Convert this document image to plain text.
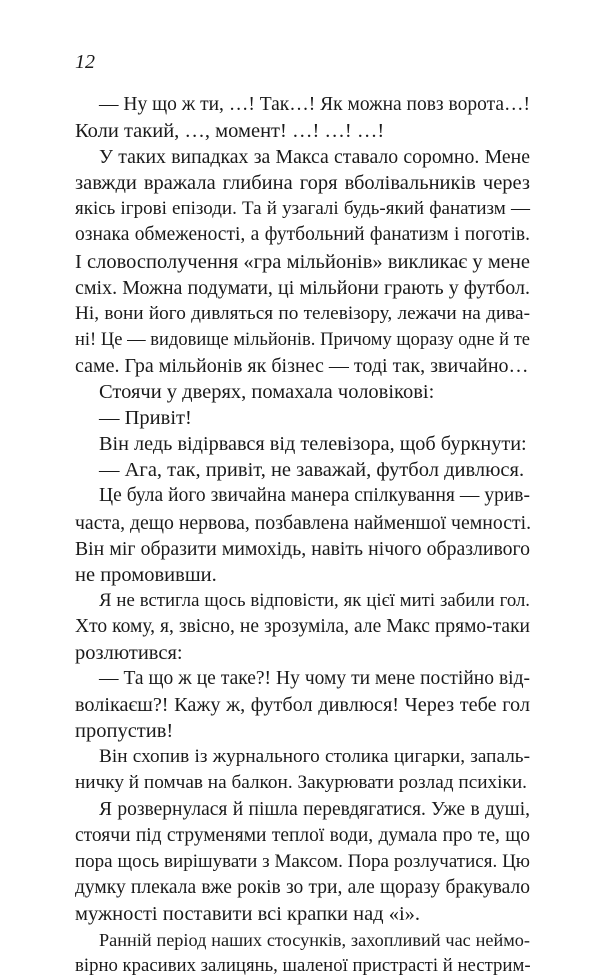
12

— Ну що ж ти, …! Так…! Як можна повз ворота…!
Коли такий, …, момент! …! …! …!
У таких випадках за Макса ставало соромно. Мене
завжди вражала глибина горя вболівальників через
якісь ігрові епізоди. Та й узагалі будь-який фанатизм —
ознака обмеженості, а футбольний фанатизм і поготів.
І словосполучення «гра мільйонів» викликає у мене
сміх. Можна подумати, ці мільйони грають у футбол.
Ні, вони його дивляться по телевізору, лежачи на дива-
ні! Це — видовище мільйонів. Причому щоразу одне й те
саме. Гра мільйонів як бізнес — тоді так, звичайно…
Стоячи у дверях, помахала чоловікові:
— Привіт!
Він ледь відірвався від телевізора, щоб буркнути:
— Ага, так, привіт, не заважай, футбол дивлюся.
Це була його звичайна манера спілкування — урив-
часта, дещо нервова, позбавлена найменшої чемності.
Він міг образити мимохідь, навіть нічого образливого
не промовивши.
Я не встигла щось відповісти, як цієї миті забили гол.
Хто кому, я, звісно, не зрозуміла, але Макс прямо-таки
розлютився:
— Та що ж це таке?! Ну чому ти мене постійно від-
волікаєш?! Кажу ж, футбол дивлюся! Через тебе гол
пропустив!
Він схопив із журнального столика цигарки, запаль-
ничку й помчав на балкон. Закурювати розлад психіки.
Я розвернулася й пішла перевдягатися. Уже в душі,
стоячи під струменями теплої води, думала про те, що
пора щось вирішувати з Максом. Пора розлучатися. Цю
думку плекала вже років зо три, але щоразу бракувало
мужності поставити всі крапки над «і».
Ранній період наших стосунків, захопливий час неймо-
вірно красивих залицянь, шаленої пристрасті й нестрим-
